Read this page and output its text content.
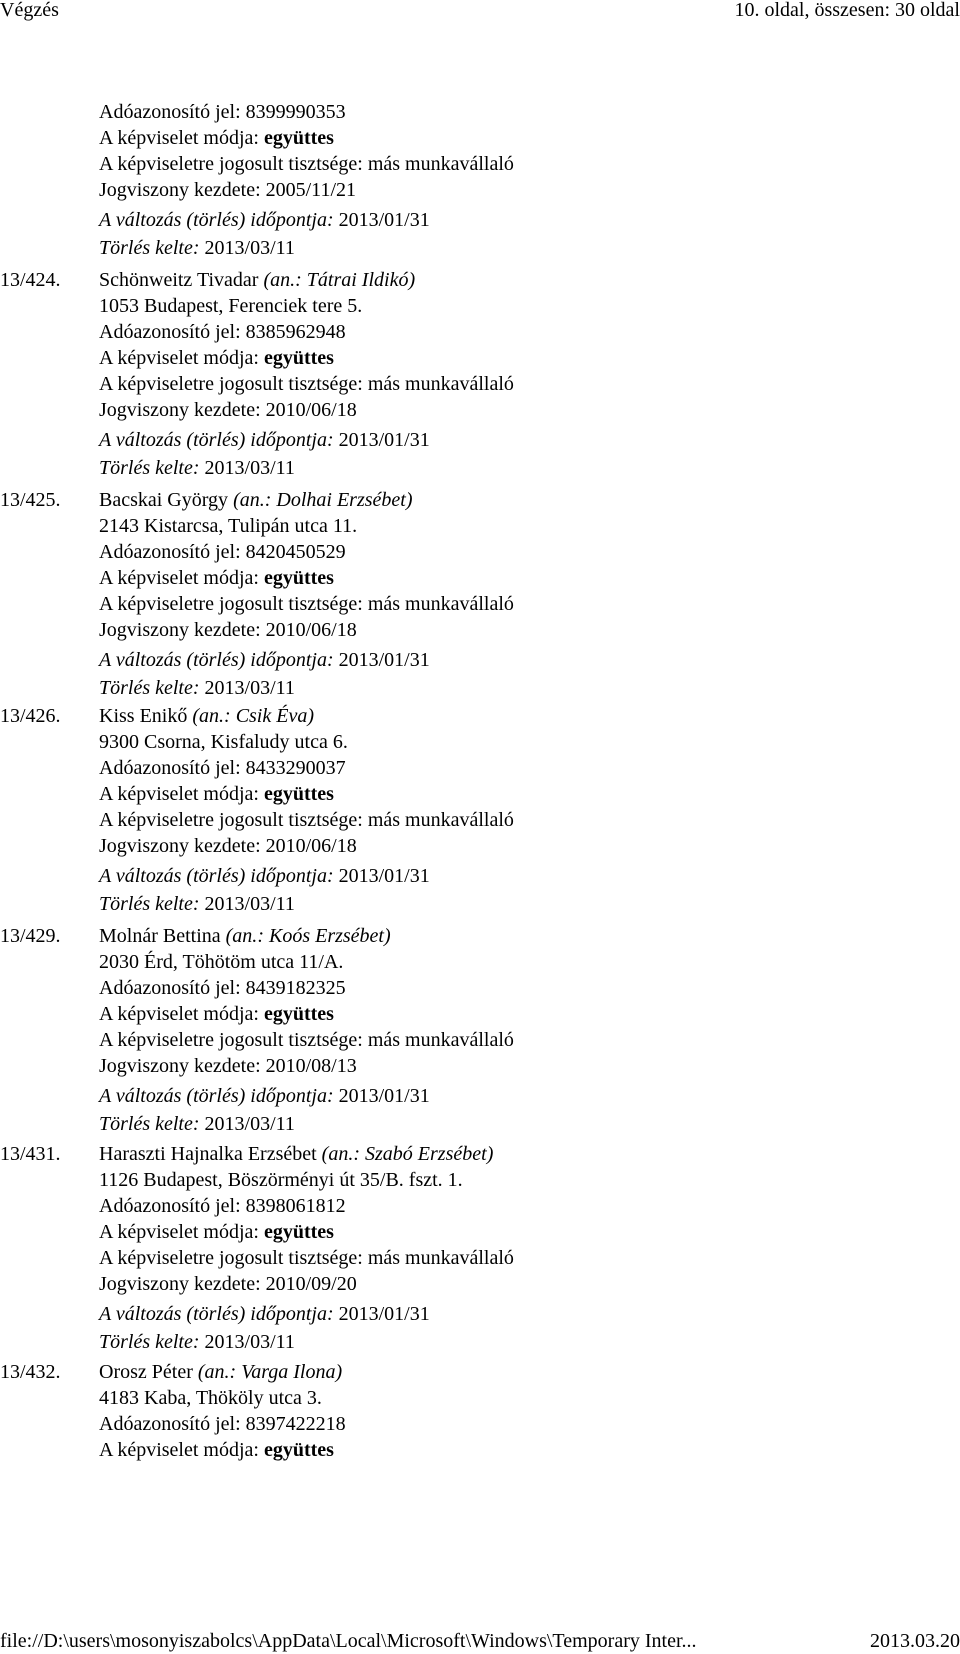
Végzés	10. oldal, összesen: 30 oldal
Adóazonosító jel: 8399990353
A képviselet módja: együttes
A képviseletre jogosult tisztsége: más munkavállaló
Jogviszony kezdete: 2005/11/21
A változás (törlés) időpontja: 2013/01/31
Törlés kelte: 2013/03/11
13/424. Schönweitz Tivadar (an.: Tátrai Ildikó)
1053 Budapest, Ferenciek tere 5.
Adóazonosító jel: 8385962948
A képviselet módja: együttes
A képviseletre jogosult tisztsége: más munkavállaló
Jogviszony kezdete: 2010/06/18
A változás (törlés) időpontja: 2013/01/31
Törlés kelte: 2013/03/11
13/425. Bacskai György (an.: Dolhai Erzsébet)
2143 Kistarcsa, Tulipán utca 11.
Adóazonosító jel: 8420450529
A képviselet módja: együttes
A képviseletre jogosult tisztsége: más munkavállaló
Jogviszony kezdete: 2010/06/18
A változás (törlés) időpontja: 2013/01/31
Törlés kelte: 2013/03/11
13/426. Kiss Enikő (an.: Csik Éva)
9300 Csorna, Kisfaludy utca 6.
Adóazonosító jel: 8433290037
A képviselet módja: együttes
A képviseletre jogosult tisztsége: más munkavállaló
Jogviszony kezdete: 2010/06/18
A változás (törlés) időpontja: 2013/01/31
Törlés kelte: 2013/03/11
13/429. Molnár Bettina (an.: Koós Erzsébet)
2030 Érd, Töhötöm utca 11/A.
Adóazonosító jel: 8439182325
A képviselet módja: együttes
A képviseletre jogosult tisztsége: más munkavállaló
Jogviszony kezdete: 2010/08/13
A változás (törlés) időpontja: 2013/01/31
Törlés kelte: 2013/03/11
13/431. Haraszti Hajnalka Erzsébet (an.: Szabó Erzsébet)
1126 Budapest, Böszörményi út 35/B. fszt. 1.
Adóazonosító jel: 8398061812
A képviselet módja: együttes
A képviseletre jogosult tisztsége: más munkavállaló
Jogviszony kezdete: 2010/09/20
A változás (törlés) időpontja: 2013/01/31
Törlés kelte: 2013/03/11
13/432. Orosz Péter (an.: Varga Ilona)
4183 Kaba, Thököly utca 3.
Adóazonosító jel: 8397422218
A képviselet módja: együttes
file://D:\users\mosonyiszabolcs\AppData\Local\Microsoft\Windows\Temporary Inter...	2013.03.20
